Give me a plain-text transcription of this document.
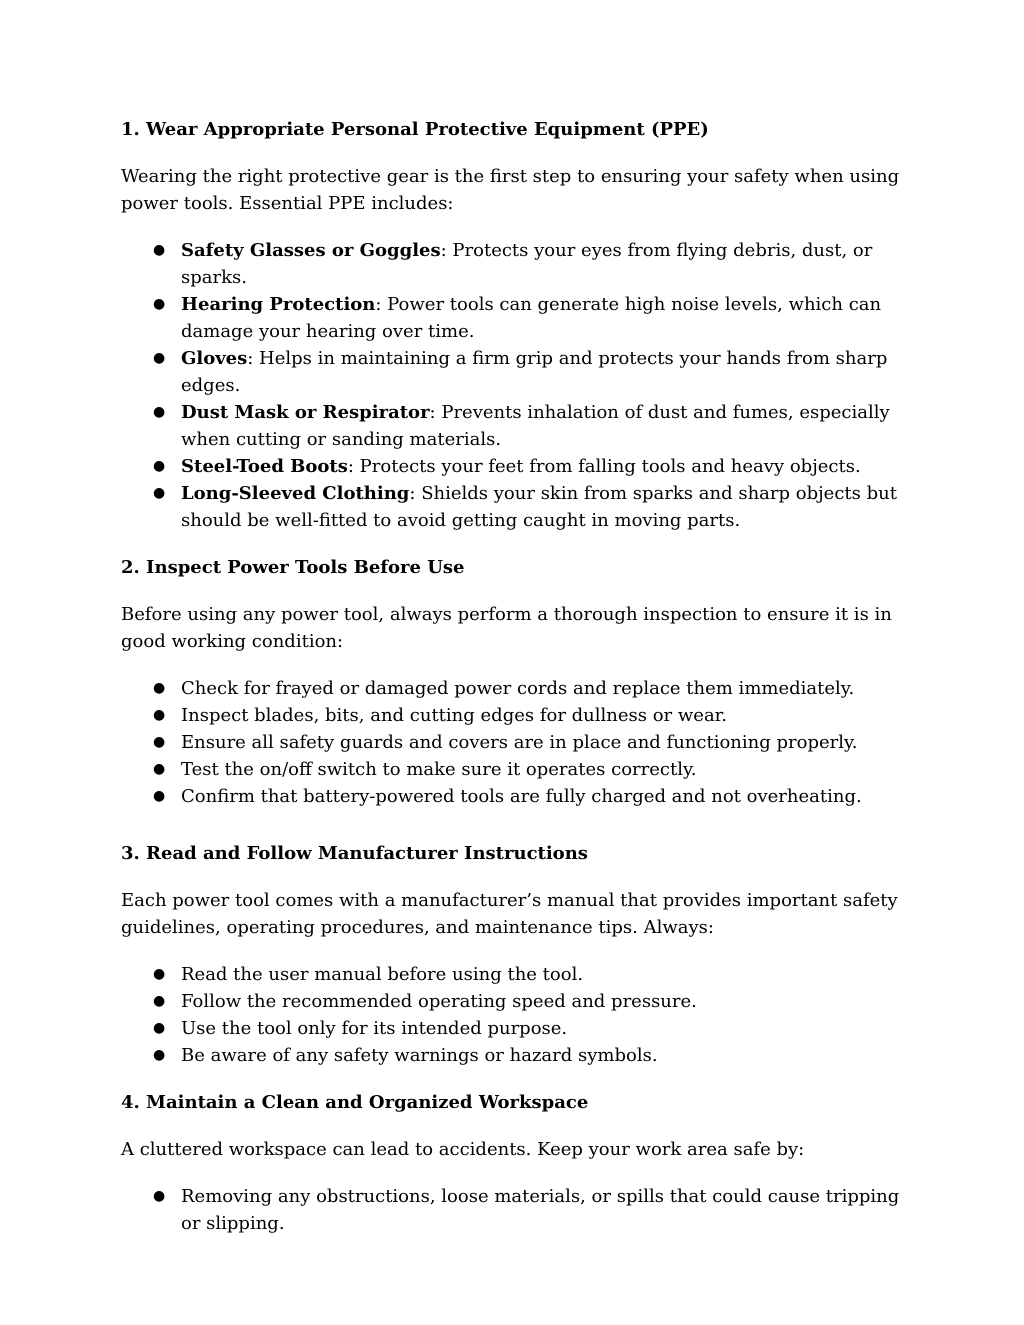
1. Wear Appropriate Personal Protective Equipment (PPE)

Wearing the right protective gear is the first step to ensuring your safety when using power tools. Essential PPE includes:

● Safety Glasses or Goggles: Protects your eyes from flying debris, dust, or sparks.
● Hearing Protection: Power tools can generate high noise levels, which can damage your hearing over time.
● Gloves: Helps in maintaining a firm grip and protects your hands from sharp edges.
● Dust Mask or Respirator: Prevents inhalation of dust and fumes, especially when cutting or sanding materials.
● Steel-Toed Boots: Protects your feet from falling tools and heavy objects.
● Long-Sleeved Clothing: Shields your skin from sparks and sharp objects but should be well-fitted to avoid getting caught in moving parts.

2. Inspect Power Tools Before Use

Before using any power tool, always perform a thorough inspection to ensure it is in good working condition:

● Check for frayed or damaged power cords and replace them immediately.
● Inspect blades, bits, and cutting edges for dullness or wear.
● Ensure all safety guards and covers are in place and functioning properly.
● Test the on/off switch to make sure it operates correctly.
● Confirm that battery-powered tools are fully charged and not overheating.

3. Read and Follow Manufacturer Instructions

Each power tool comes with a manufacturer’s manual that provides important safety guidelines, operating procedures, and maintenance tips. Always:

● Read the user manual before using the tool.
● Follow the recommended operating speed and pressure.
● Use the tool only for its intended purpose.
● Be aware of any safety warnings or hazard symbols.

4. Maintain a Clean and Organized Workspace

A cluttered workspace can lead to accidents. Keep your work area safe by:

● Removing any obstructions, loose materials, or spills that could cause tripping or slipping.
